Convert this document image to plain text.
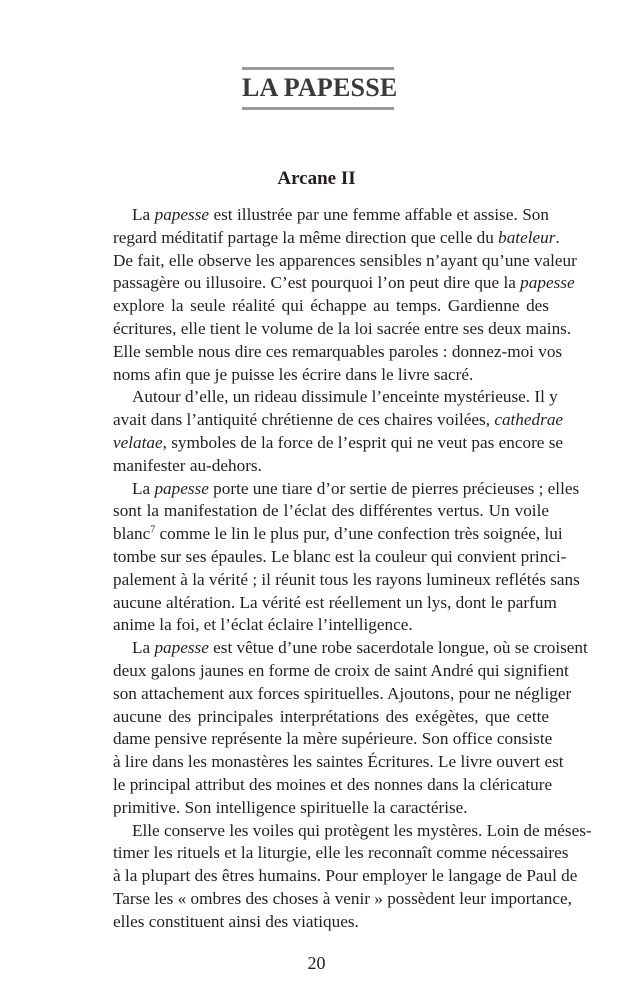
LA PAPESSE
Arcane II
La papesse est illustrée par une femme affable et assise. Son
regard méditatif partage la même direction que celle du bateleur.
De fait, elle observe les apparences sensibles n’ayant qu’une valeur
passagère ou illusoire. C’est pourquoi l’on peut dire que la papesse
explore la seule réalité qui échappe au temps. Gardienne des
écritures, elle tient le volume de la loi sacrée entre ses deux mains.
Elle semble nous dire ces remarquables paroles : donnez-moi vos
noms afin que je puisse les écrire dans le livre sacré.
Autour d’elle, un rideau dissimule l’enceinte mystérieuse. Il y
avait dans l’antiquité chrétienne de ces chaires voilées, cathedrae
velatae, symboles de la force de l’esprit qui ne veut pas encore se
manifester au-dehors.
La papesse porte une tiare d’or sertie de pierres précieuses ; elles
sont la manifestation de l’éclat des différentes vertus. Un voile
blanc$^7$ comme le lin le plus pur, d’une confection très soignée, lui
tombe sur ses épaules. Le blanc est la couleur qui convient princi-
palement à la vérité ; il réunit tous les rayons lumineux reflétés sans
aucune altération. La vérité est réellement un lys, dont le parfum
anime la foi, et l’éclat éclaire l’intelligence.
La papesse est vêtue d’une robe sacerdotale longue, où se croisent
deux galons jaunes en forme de croix de saint André qui signifient
son attachement aux forces spirituelles. Ajoutons, pour ne négliger
aucune des principales interprétations des exégètes, que cette
dame pensive représente la mère supérieure. Son office consiste
à lire dans les monastères les saintes Écritures. Le livre ouvert est
le principal attribut des moines et des nonnes dans la cléricature
primitive. Son intelligence spirituelle la caractérise.
Elle conserve les voiles qui protègent les mystères. Loin de méses-
timer les rituels et la liturgie, elle les reconnaît comme nécessaires
à la plupart des êtres humains. Pour employer le langage de Paul de
Tarse les « ombres des choses à venir » possèdent leur importance,
elles constituent ainsi des viatiques.
20
